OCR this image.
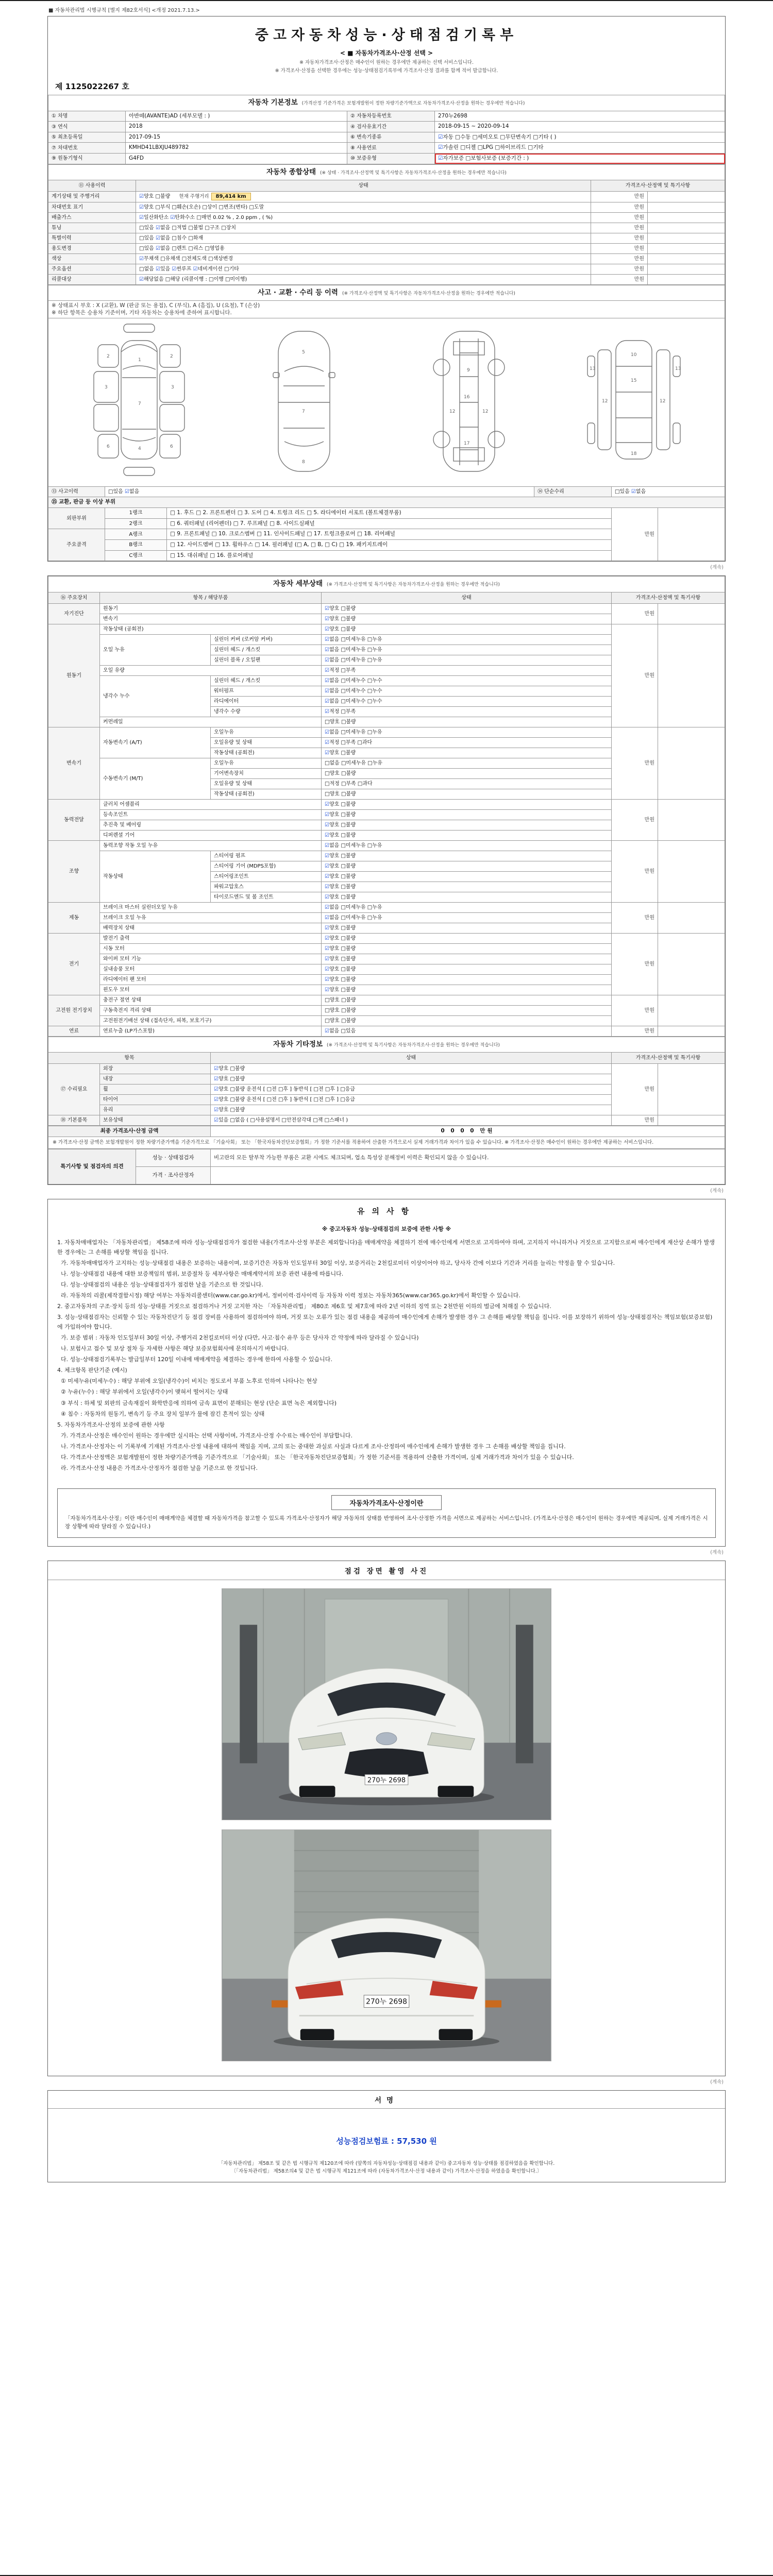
■ 자동차관리법 시행규칙 [별지 제82호서식] <개정 2021.7.13.>
중고자동차성능·상태점검기록부
< ■ 자동차가격조사·산정 선택 >
※ 자동차가격조사·산정은 매수인이 원하는 경우에만 제공하는 선택 서비스입니다.
※ 가격조사·산정을 선택한 경우에는 성능·상태점검기록부에 가격조사·산정 결과를 함께 적어 발급합니다.
제 1125022267 호
자동차 기본정보 (가격산정 기준가격은 보험개발원이 정한 차량기준가액으로 자동차가격조사·산정을 원하는 경우에만 적습니다)			
① 차명	아반떼(AVANTE)AD (세부모델 : )	② 자동차등록번호	270누2698
③ 연식	2018	④ 검사유효기간	2018-09-15 ~ 2020-09-14
⑤ 최초등록일	2017-09-15	⑥ 변속기종류	☑자동 □수동 □세미오토 □무단변속기 □기타 ( )
⑦ 차대번호	KMHD41LBXJU489782	⑧ 사용연료	☑가솔린 □디젤 □LPG □하이브리드 □기타
⑨ 원동기형식	G4FD	⑩ 보증유형	☑자가보증 □보험사보증 (보증기간 : )
자동차 종합상태 (※ 상태 · 가격조사·산정액 및 특기사항은 자동차가격조사·산정을 원하는 경우에만 적습니다)			
⑪ 사용이력	상태	가격조사·산정액 및 특기사항	
계기상태 및 주행거리	☑양호 □불량 현재 주행거리 89,414 km	만원	
차대번호 표기	☑양호 □부식 □훼손(오손) □상이 □변조(변타) □도말	만원	
배출가스	☑일산화탄소 ☑탄화수소 □매연 0.02 % , 2.0 ppm , ( %)	만원	
튜닝	□있음 ☑없음 □적법 □불법 □구조 □장치	만원	
특별이력	□있음 ☑없음 □침수 □화재	만원	
용도변경	□있음 ☑없음 □렌트 □리스 □영업용	만원	
색상	☑무채색 □유채색 □전체도색 □색상변경	만원	
주요옵션	□없음 ☑있음 ☑썬루프 ☑네비게이션 □기타	만원	
리콜대상	☑해당없음 □해당 (리콜이행 : □이행 □미이행)	만원	
사고 · 교환 · 수리 등 이력 (※ 가격조사·산정액 및 특기사항은 자동차가격조사·산정을 원하는 경우에만 적습니다)					

※ 상태표시 부호 : X (교환), W (판금 또는 용접), C (부식), A (흠집), U (요철), T (손상)
※ 하단 항목은 승용차 기준이며, 기타 자동차는 승용차에 준하여 표시합니다.					

1
2	2
3	3
7
6	6
4
5
7
8
9
16
12	12
17
10
15
12	12
18
13	13

⑬ 사고이력	□있음 ☑없음		⑭ 단순수리	□있음 ☑없음	
⑮ 교환, 판금 등 이상 부위					
외판부위	1랭크	□ 1. 후드 □ 2. 프론트펜더 □ 3. 도어 □ 4. 트렁크 리드 □ 5. 라디에이터 서포트 (볼트체결부품)		만원	
	2랭크	□ 6. 쿼터패널 (리어펜더) □ 7. 루프패널 □ 8. 사이드실패널			
주요골격	A랭크	□ 9. 프론트패널 □ 10. 크로스멤버 □ 11. 인사이드패널 □ 17. 트렁크플로어 □ 18. 리어패널			
	B랭크	□ 12. 사이드멤버 □ 13. 휠하우스 □ 14. 필러패널 (□ A, □ B, □ C) □ 19. 패키지트레이			
	C랭크	□ 15. 대쉬패널 □ 16. 플로어패널			
(계속)
자동차 세부상태 (※ 가격조사·산정액 및 특기사항은 자동차가격조사·산정을 원하는 경우에만 적습니다)					
⑯ 주요장치	항목 / 해당부품		상태	가격조사·산정액 및 특기사항	
자기진단	원동기		☑양호 □불량	만원	
	변속기		☑양호 □불량		
원동기	작동상태 (공회전)		☑양호 □불량	만원	
	오일 누유	실린더 커버 (로커암 커버)	☑없음 □미세누유 □누유		
		실린더 헤드 / 개스킷	☑없음 □미세누유 □누유		
		실린더 블록 / 오일팬	☑없음 □미세누유 □누유		
	오일 유량		☑적정 □부족		
	냉각수 누수	실린더 헤드 / 개스킷	☑없음 □미세누수 □누수		
		워터펌프	☑없음 □미세누수 □누수		
		라디에이터	☑없음 □미세누수 □누수		
		냉각수 수량	☑적정 □부족		
	커먼레일		□양호 □불량		
변속기	자동변속기 (A/T)	오일누유	☑없음 □미세누유 □누유	만원	
		오일유량 및 상태	☑적정 □부족 □과다		
		작동상태 (공회전)	☑양호 □불량		
	수동변속기 (M/T)	오일누유	□없음 □미세누유 □누유		
		기어변속장치	□양호 □불량		
		오일유량 및 상태	□적정 □부족 □과다		
		작동상태 (공회전)	□양호 □불량		
동력전달	클러치 어셈블리		☑양호 □불량	만원	
	등속조인트		☑양호 □불량		
	추진축 및 베어링		☑양호 □불량		
	디퍼렌셜 기어		☑양호 □불량		
조향	동력조향 작동 오일 누유		☑없음 □미세누유 □누유	만원	
	작동상태	스티어링 펌프	☑양호 □불량		
		스티어링 기어 (MDPS포함)	☑양호 □불량		
		스티어링조인트	☑양호 □불량		
		파워고압호스	☑양호 □불량		
		타이로드엔드 및 볼 조인트	☑양호 □불량		
제동	브레이크 마스터 실린더오일 누유		☑없음 □미세누유 □누유	만원	
	브레이크 오일 누유		☑없음 □미세누유 □누유		
	배력장치 상태		☑양호 □불량		
전기	발전기 출력		☑양호 □불량	만원	
	시동 모터		☑양호 □불량		
	와이퍼 모터 기능		☑양호 □불량		
	실내송풍 모터		☑양호 □불량		
	라디에이터 팬 모터		☑양호 □불량		
	윈도우 모터		☑양호 □불량		
고전원 전기장치	충전구 절연 상태		□양호 □불량	만원	
	구동축전지 격리 상태		□양호 □불량		
	고전원전기배선 상태 (접속단자, 피복, 보호기구)		□양호 □불량		
연료	연료누출 (LP가스포함)		☑없음 □있음	만원	
자동차 기타정보 (※ 가격조사·산정액 및 특기사항은 자동차가격조사·산정을 원하는 경우에만 적습니다)				
항목		상태	가격조사·산정액 및 특기사항	
⑰ 수리필요	외장	☑양호 □불량	만원	
	내장	☑양호 □불량		
	휠	☑양호 □불량 운전석 [ □전 □후 ] 동반석 [ □전 □후 ] □응급		
	타이어	☑양호 □불량 운전석 [ □전 □후 ] 동반석 [ □전 □후 ] □응급		
	유리	☑양호 □불량		
⑱ 기본품목	보유상태	☑있음 □없음 ( □사용설명서 □안전삼각대 □잭 □스패너 )	만원	
최종 가격조사·산정 금액	0 0 0 0 만원
※ 가격조사·산정 금액은 보험개발원이 정한 차량기준가액을 기준가격으로 「기술사회」 또는 「한국자동차진단보증협회」가 정한 기준서를 적용하여 산출한 가격으로서 실제 거래가격과 차이가 있을 수 있습니다. ※ 가격조사·산정은 매수인이 원하는 경우에만 제공하는 서비스입니다.
특기사항 및 점검자의 의견	성능 · 상태점검자	비고란의 모든 탈부착 가능한 부품은 교환 시에도 체크되며, 업소 특성상 분해정비 이력은 확인되지 않을 수 있습니다.
	가격 · 조사산정자	
(계속)
유의사항
※ 중고자동차 성능·상태점검의 보증에 관한 사항 ※
1. 자동차매매업자는 「자동차관리법」 제58조에 따라 성능·상태점검자가 점검한 내용(가격조사·산정 부분은 제외합니다)을 매매계약을 체결하기 전에 매수인에게 서면으로 고지하여야 하며, 고지하지 아니하거나 거짓으로 고지함으로써 매수인에게 재산상 손해가 발생한 경우에는 그 손해를 배상할 책임을 집니다.
가. 자동차매매업자가 고지하는 성능·상태점검 내용은 보증하는 내용이며, 보증기간은 자동차 인도일부터 30일 이상, 보증거리는 2천킬로미터 이상이어야 하고, 당사자 간에 이보다 기간과 거리를 늘리는 약정을 할 수 있습니다.
나. 성능·상태점검 내용에 대한 보증책임의 범위, 보증절차 등 세부사항은 매매계약서의 보증 관련 내용에 따릅니다.
다. 성능·상태점검의 내용은 성능·상태점검자가 점검한 날을 기준으로 한 것입니다.
라. 자동차의 리콜(제작결함시정) 해당 여부는 자동차리콜센터(www.car.go.kr)에서, 정비이력·검사이력 등 자동차 이력 정보는 자동차365(www.car365.go.kr)에서 확인할 수 있습니다.
2. 중고자동차의 구조·장치 등의 성능·상태를 거짓으로 점검하거나 거짓 고지한 자는 「자동차관리법」 제80조 제6호 및 제7호에 따라 2년 이하의 징역 또는 2천만원 이하의 벌금에 처해질 수 있습니다.
3. 성능·상태점검자는 신뢰할 수 있는 자동차진단기 등 점검 장비를 사용하여 점검하여야 하며, 거짓 또는 오류가 있는 점검 내용을 제공하여 매수인에게 손해가 발생한 경우 그 손해를 배상할 책임을 집니다. 이를 보장하기 위하여 성능·상태점검자는 책임보험(보증보험)에 가입하여야 합니다.
가. 보증 범위 : 자동차 인도일부터 30일 이상, 주행거리 2천킬로미터 이상 (다만, 사고·침수 유무 등은 당사자 간 약정에 따라 달라질 수 있습니다)
나. 보험사고 접수 및 보상 절차 등 자세한 사항은 해당 보증보험회사에 문의하시기 바랍니다.
다. 성능·상태점검기록부는 발급일부터 120일 이내에 매매계약을 체결하는 경우에 한하여 사용할 수 있습니다.
4. 체크항목 판단기준 (예시)
① 미세누유(미세누수) : 해당 부위에 오일(냉각수)이 비치는 정도로서 부품 노후로 인하여 나타나는 현상
② 누유(누수) : 해당 부위에서 오일(냉각수)이 맺혀서 떨어지는 상태
③ 부식 : 하체 및 외판의 금속재질이 화학반응에 의하여 금속 표면이 분해되는 현상 (단순 표면 녹은 제외합니다)
④ 침수 : 자동차의 원동기, 변속기 등 주요 장치 일부가 물에 잠긴 흔적이 있는 상태
5. 자동차가격조사·산정의 보증에 관한 사항
가. 가격조사·산정은 매수인이 원하는 경우에만 실시하는 선택 사항이며, 가격조사·산정 수수료는 매수인이 부담합니다.
나. 가격조사·산정자는 이 기록부에 기재된 가격조사·산정 내용에 대하여 책임을 지며, 고의 또는 중대한 과실로 사실과 다르게 조사·산정하여 매수인에게 손해가 발생한 경우 그 손해를 배상할 책임을 집니다.
다. 가격조사·산정액은 보험개발원이 정한 차량기준가액을 기준가격으로 「기술사회」 또는 「한국자동차진단보증협회」가 정한 기준서를 적용하여 산출한 가격이며, 실제 거래가격과 차이가 있을 수 있습니다.
라. 가격조사·산정 내용은 가격조사·산정자가 점검한 날을 기준으로 한 것입니다.
자동차가격조사·산정이란
「자동차가격조사·산정」이란 매수인이 매매계약을 체결할 때 자동차가격을 참고할 수 있도록 가격조사·산정자가 해당 자동차의 상태를 반영하여 조사·산정한 가격을 서면으로 제공하는 서비스입니다. (가격조사·산정은 매수인이 원하는 경우에만 제공되며, 실제 거래가격은 시장 상황에 따라 달라질 수 있습니다.)
(계속)
점검 장면 촬영 사진
270누 2698
270누 2698
(계속)
서명
성능점검보험료 : 57,530 원
「자동차관리법」 제58조 및 같은 법 시행규칙 제120조에 따라 (앞쪽의 자동차성능·상태점검 내용과 같이) 중고자동차 성능·상태를 점검하였음을 확인합니다.
〔「자동차관리법」 제58조의4 및 같은 법 시행규칙 제121조에 따라 (자동차가격조사·산정 내용과 같이) 가격조사·산정을 하였음을 확인합니다.〕
